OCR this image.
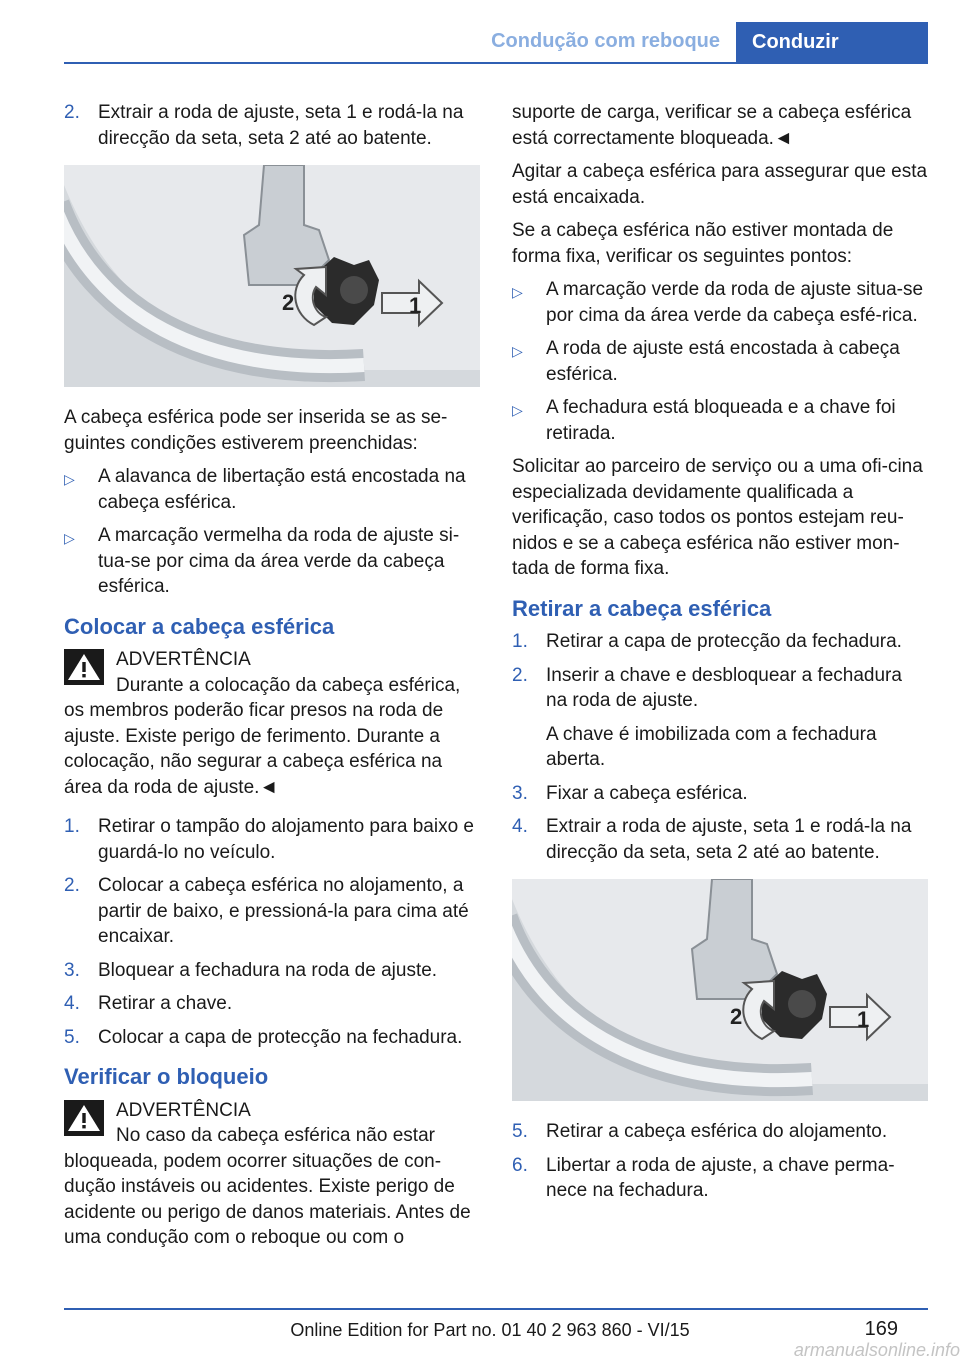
Condução com reboque	Conduzir
2. Extrair a roda de ajuste, seta 1 e rodá-la na direcção da seta, seta 2 até ao batente.
2	1

A cabeça esférica pode ser inserida se as se-guintes condições estiverem preenchidas:

▷	A alavanca de libertação está encostada na cabeça esférica.
▷	A marcação vermelha da roda de ajuste si-tua-se por cima da área verde da cabeça esférica.
Colocar a cabeça esférica
ADVERTÊNCIA
Durante a colocação da cabeça esférica, os membros poderão ficar presos na roda de ajuste. Existe perigo de ferimento. Durante a colocação, não segurar a cabeça esférica na área da roda de ajuste.◄
1. Retirar o tampão do alojamento para baixo e guardá-lo no veículo.
2. Colocar a cabeça esférica no alojamento, a partir de baixo, e pressioná-la para cima até encaixar.
3. Bloquear a fechadura na roda de ajuste.
4. Retirar a chave.
5. Colocar a capa de protecção na fechadura.
Verificar o bloqueio
ADVERTÊNCIA
No caso da cabeça esférica não estar bloqueada, podem ocorrer situações de con-dução instáveis ou acidentes. Existe perigo de acidente ou perigo de danos materiais. Antes de uma condução com o reboque ou com o

suporte de carga, verificar se a cabeça esférica está correctamente bloqueada.◄

Agitar a cabeça esférica para assegurar que esta está encaixada.

Se a cabeça esférica não estiver montada de forma fixa, verificar os seguintes pontos:

▷	A marcação verde da roda de ajuste situa-se por cima da área verde da cabeça esfé-rica.
▷	A roda de ajuste está encostada à cabeça esférica.
▷	A fechadura está bloqueada e a chave foi retirada.

Solicitar ao parceiro de serviço ou a uma ofi-cina especializada devidamente qualificada a verificação, caso todos os pontos estejam reu-nidos e se a cabeça esférica não estiver mon-tada de forma fixa.

Retirar a cabeça esférica
1. Retirar a capa de protecção da fechadura.
2. Inserir a chave e desbloquear a fechadura na roda de ajuste.
A chave é imobilizada com a fechadura aberta.
3. Fixar a cabeça esférica.
4. Extrair a roda de ajuste, seta 1 e rodá-la na direcção da seta, seta 2 até ao batente.
2	1
5. Retirar a cabeça esférica do alojamento.
6. Libertar a roda de ajuste, a chave perma-nece na fechadura.
169
Online Edition for Part no. 01 40 2 963 860 - VI/15
armanualsonline.info
